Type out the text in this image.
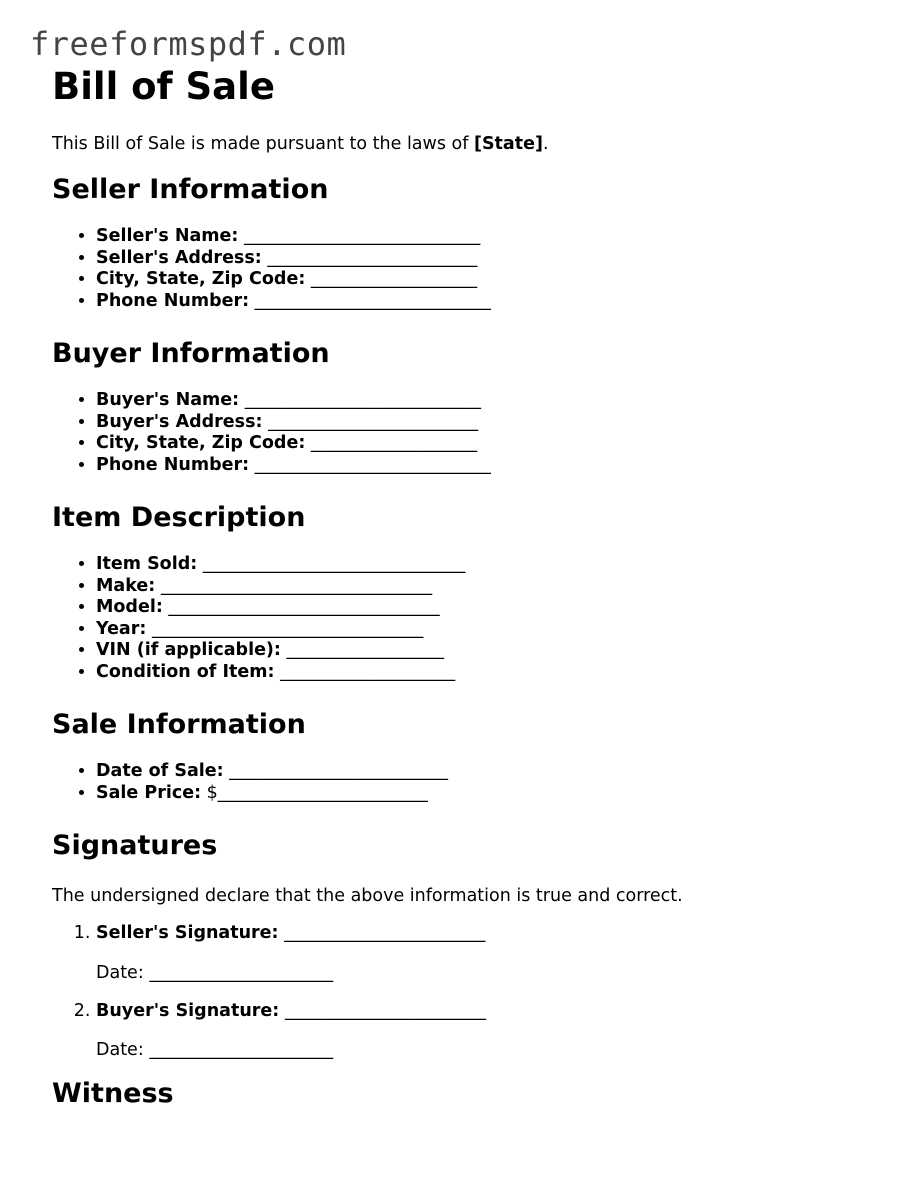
freeformspdf.com
Bill of Sale

This Bill of Sale is made pursuant to the laws of [State].

Seller Information
• Seller's Name: ___________________________
• Seller's Address: ________________________
• City, State, Zip Code: ___________________
• Phone Number: ___________________________
Buyer Information
• Buyer's Name: ___________________________
• Buyer's Address: ________________________
• City, State, Zip Code: ___________________
• Phone Number: ___________________________
Item Description
• Item Sold: ______________________________
• Make: _______________________________
• Model: _______________________________
• Year: _______________________________
• VIN (if applicable): __________________
• Condition of Item: ____________________
Sale Information
• Date of Sale: _________________________
• Sale Price: $________________________
Signatures

The undersigned declare that the above information is true and correct.

1. Seller's Signature: _______________________
Date: _____________________
2. Buyer's Signature: _______________________
Date: _____________________
Witness
